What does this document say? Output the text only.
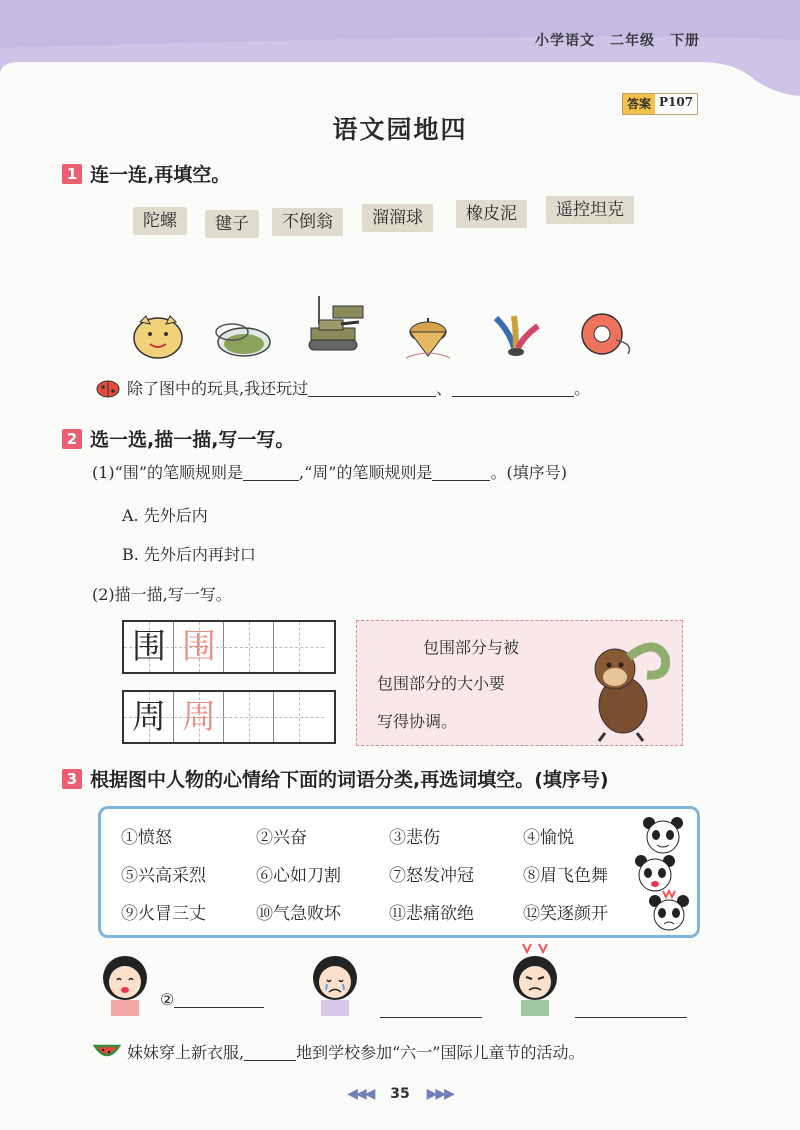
小学语文　二年级　下册
答案 P107
语文园地四
1 连一连,再填空。
陀螺	毽子	不倒翁	溜溜球	橡皮泥	遥控坦克
除了图中的玩具,我还玩过	、	。
2 选一选,描一描,写一写。
(1)“围”的笔顺规则是	,“周”的笔顺规则是	。(填序号)
A. 先外后内
B. 先外后内再封口
(2)描一描,写一写。
围 围
周 周
包围部分与被
包围部分的大小要
写得协调。
3 根据图中人物的心情给下面的词语分类,再选词填空。(填序号)
①愤怒	②兴奋	③悲伤	④愉悦
⑤兴高采烈	⑥心如刀割	⑦怒发冲冠	⑧眉飞色舞
⑨火冒三丈	⑩气急败坏	⑪悲痛欲绝	⑫笑逐颜开
②
妹妹穿上新衣服,	地到学校参加“六一”国际儿童节的活动。
◀◀◀ 35 ▶▶▶
